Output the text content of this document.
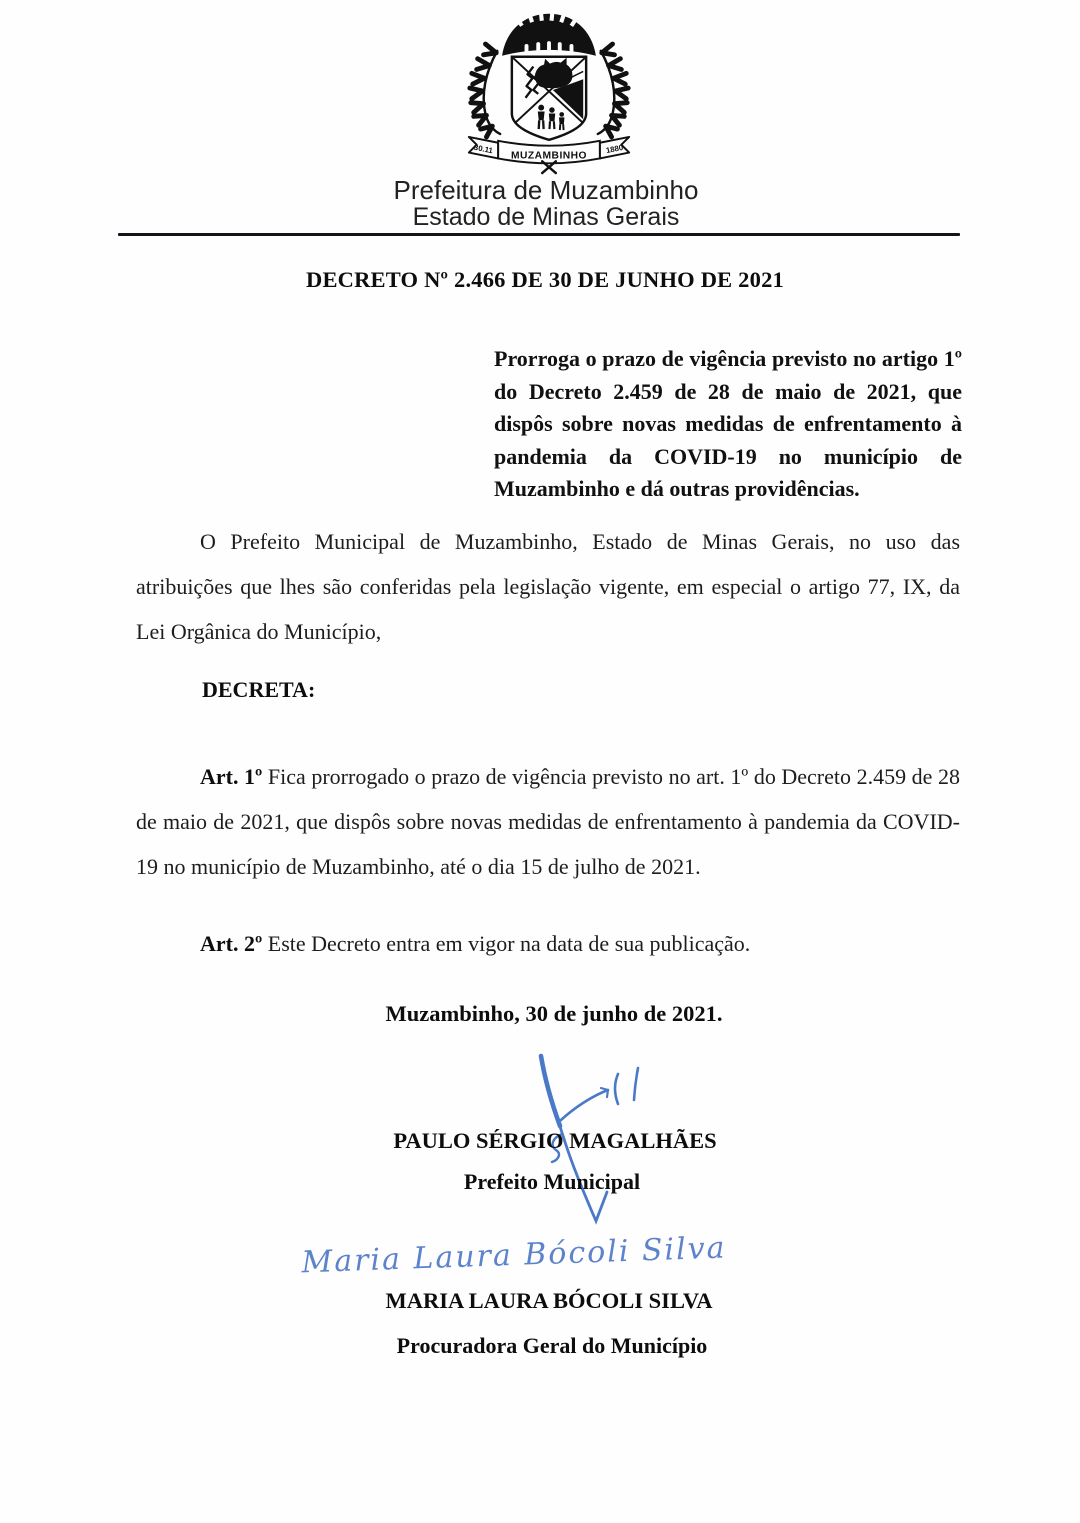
30.11	1880
MUZAMBINHO
Prefeitura de Muzambinho
Estado de Minas Gerais
DECRETO Nº 2.466 DE 30 DE JUNHO DE 2021
Prorroga o prazo de vigência previsto no artigo 1º do Decreto 2.459 de 28 de maio de 2021, que dispôs sobre novas medidas de enfrentamento à pandemia da COVID-19 no município de Muzambinho e dá outras providências.

O Prefeito Municipal de Muzambinho, Estado de Minas Gerais, no uso das atribuições que lhes são conferidas pela legislação vigente, em especial o artigo 77, IX, da Lei Orgânica do Município,

DECRETA:

Art. 1º Fica prorrogado o prazo de vigência previsto no art. 1º do Decreto 2.459 de 28 de maio de 2021, que dispôs sobre novas medidas de enfrentamento à pandemia da COVID-19 no município de Muzambinho, até o dia 15 de julho de 2021.

Art. 2º Este Decreto entra em vigor na data de sua publicação.

Muzambinho, 30 de junho de 2021.
PAULO SÉRGIO MAGALHÃES
Prefeito Municipal
Maria Laura Bócoli Silva
MARIA LAURA BÓCOLI SILVA
Procuradora Geral do Município
